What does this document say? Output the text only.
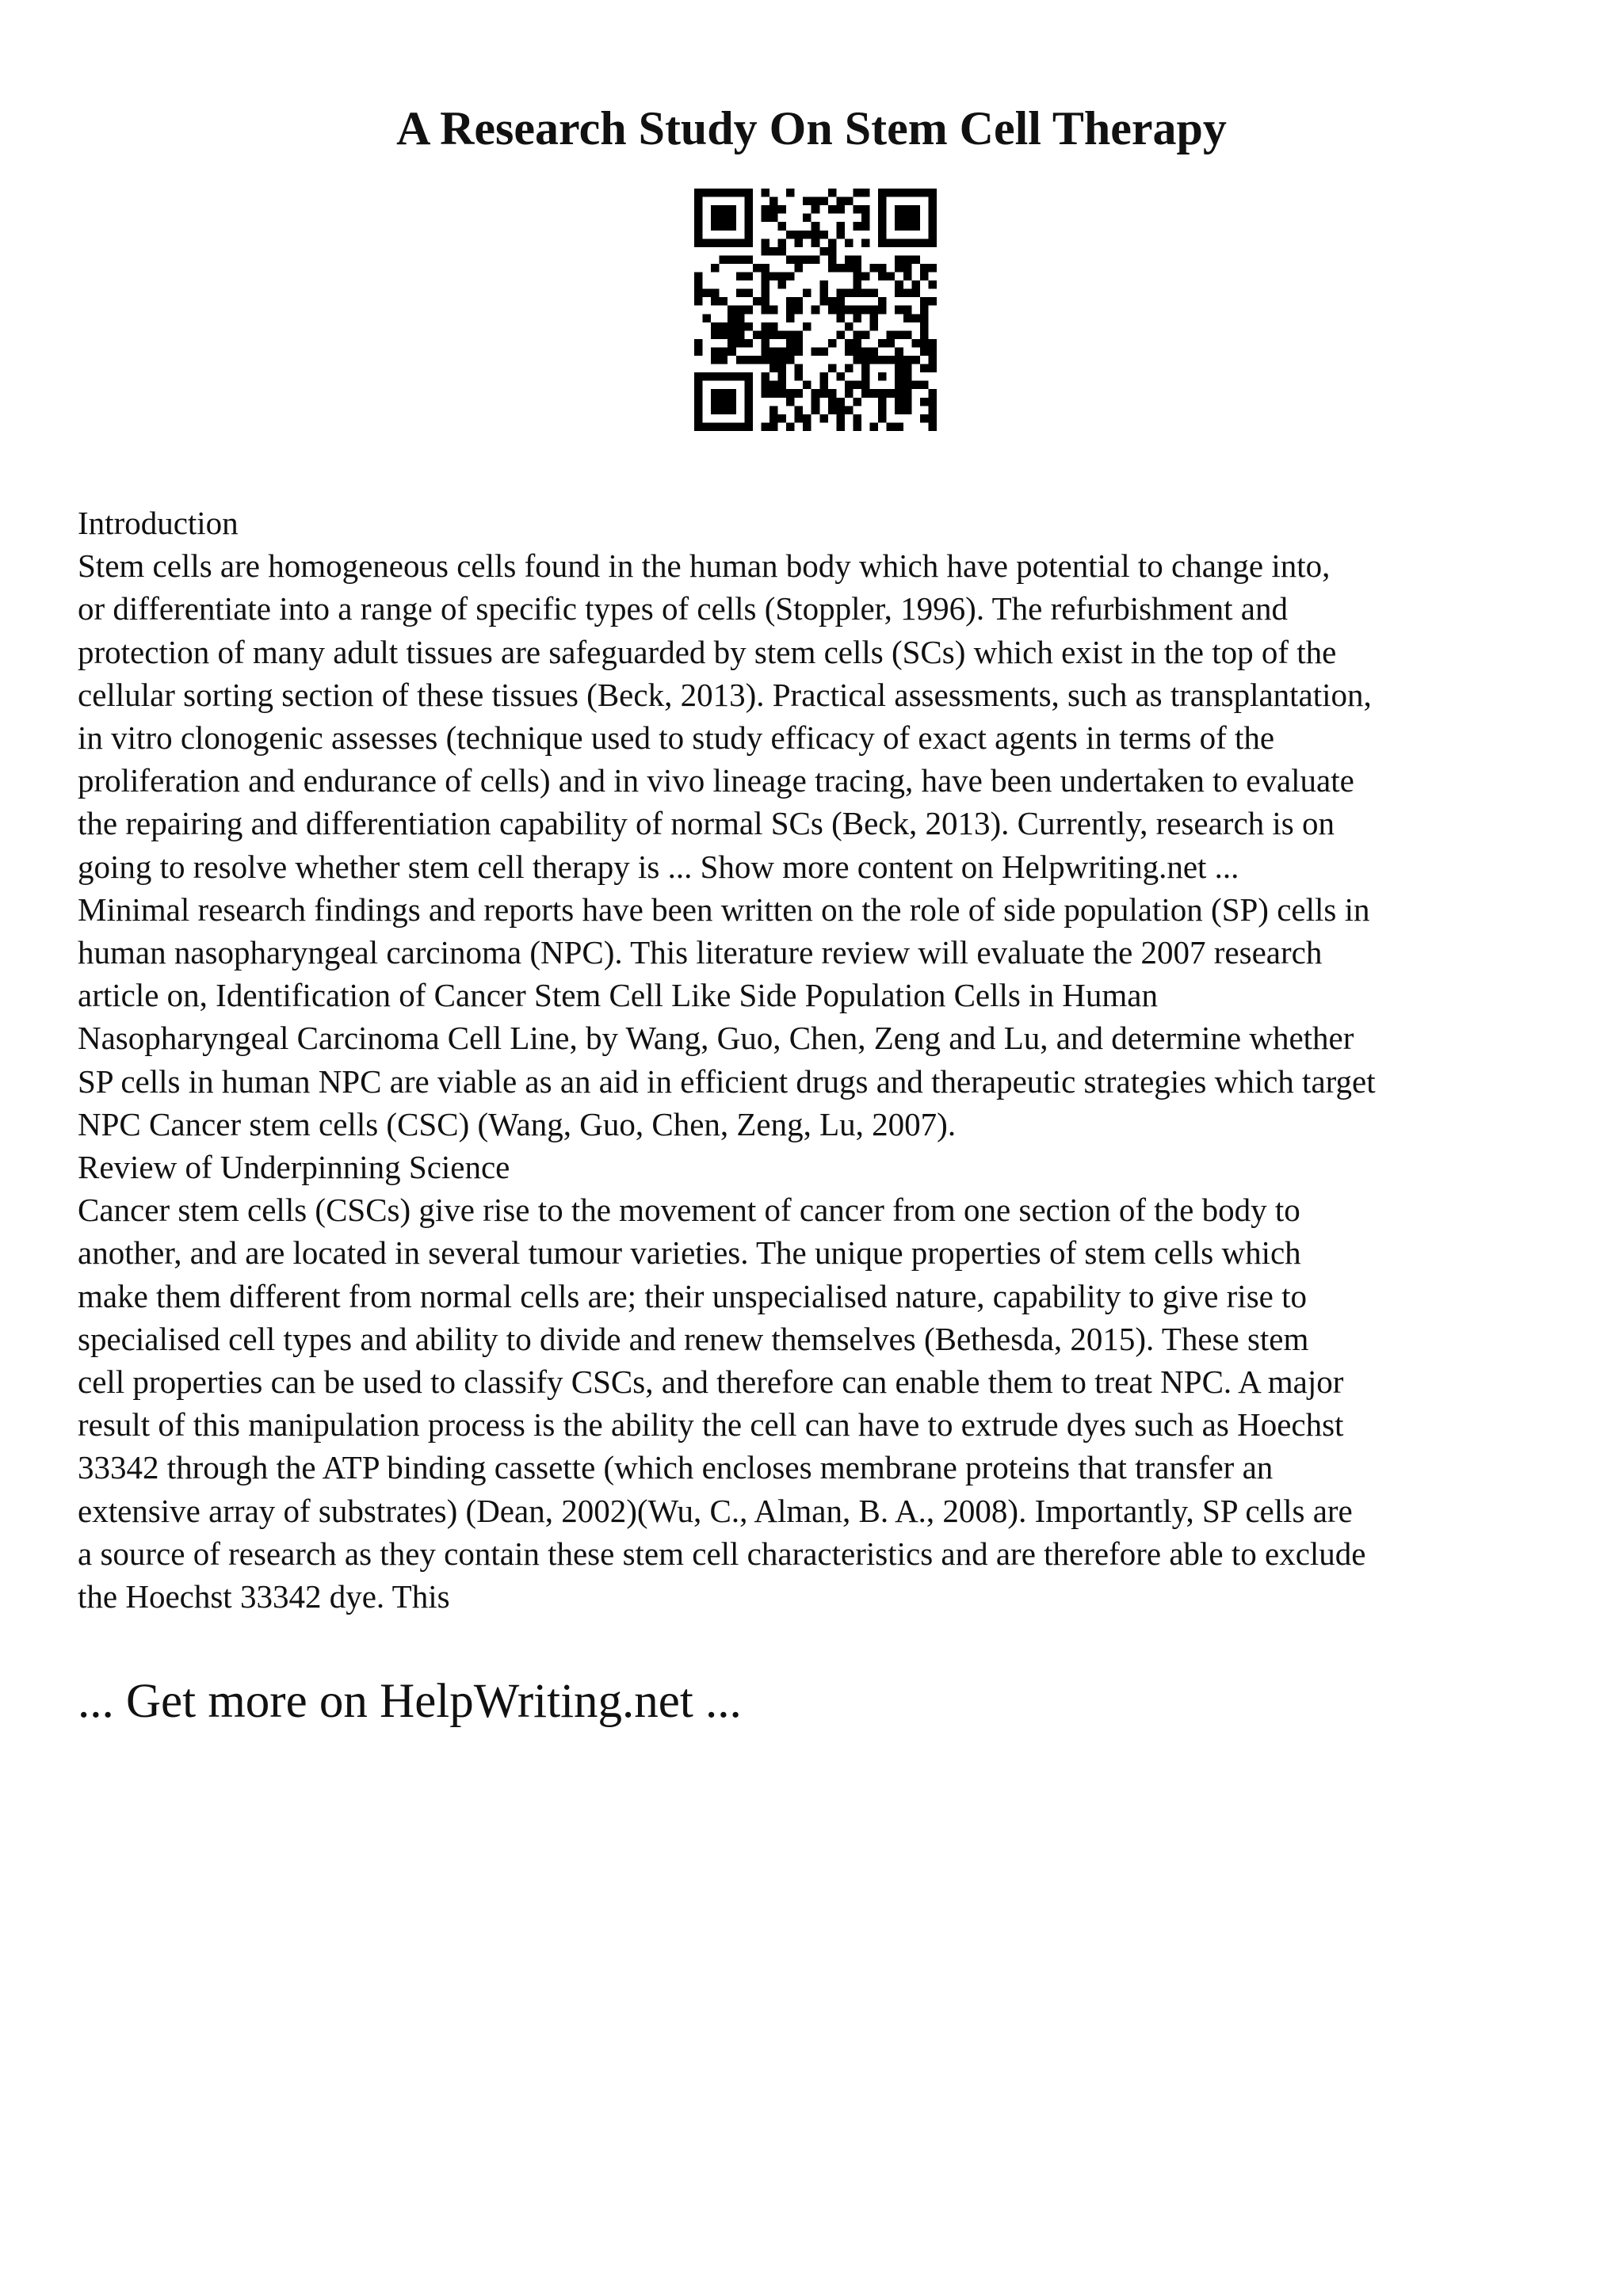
A Research Study On Stem Cell Therapy

Introduction

Stem cells are homogeneous cells found in the human body which have potential to change into,

or differentiate into a range of specific types of cells (Stoppler, 1996). The refurbishment and

protection of many adult tissues are safeguarded by stem cells (SCs) which exist in the top of the

cellular sorting section of these tissues (Beck, 2013). Practical assessments, such as transplantation,

in vitro clonogenic assesses (technique used to study efficacy of exact agents in terms of the

proliferation and endurance of cells) and in vivo lineage tracing, have been undertaken to evaluate

the repairing and differentiation capability of normal SCs (Beck, 2013). Currently, research is on

going to resolve whether stem cell therapy is ... Show more content on Helpwriting.net ...

Minimal research findings and reports have been written on the role of side population (SP) cells in

human nasopharyngeal carcinoma (NPC). This literature review will evaluate the 2007 research

article on, Identification of Cancer Stem Cell Like Side Population Cells in Human

Nasopharyngeal Carcinoma Cell Line, by Wang, Guo, Chen, Zeng and Lu, and determine whether

SP cells in human NPC are viable as an aid in efficient drugs and therapeutic strategies which target

NPC Cancer stem cells (CSC) (Wang, Guo, Chen, Zeng, Lu, 2007).

Review of Underpinning Science

Cancer stem cells (CSCs) give rise to the movement of cancer from one section of the body to

another, and are located in several tumour varieties. The unique properties of stem cells which

make them different from normal cells are; their unspecialised nature, capability to give rise to

specialised cell types and ability to divide and renew themselves (Bethesda, 2015). These stem

cell properties can be used to classify CSCs, and therefore can enable them to treat NPC. A major

result of this manipulation process is the ability the cell can have to extrude dyes such as Hoechst

33342 through the ATP binding cassette (which encloses membrane proteins that transfer an

extensive array of substrates) (Dean, 2002)(Wu, C., Alman, B. A., 2008). Importantly, SP cells are

a source of research as they contain these stem cell characteristics and are therefore able to exclude

the Hoechst 33342 dye. This

... Get more on HelpWriting.net ...
